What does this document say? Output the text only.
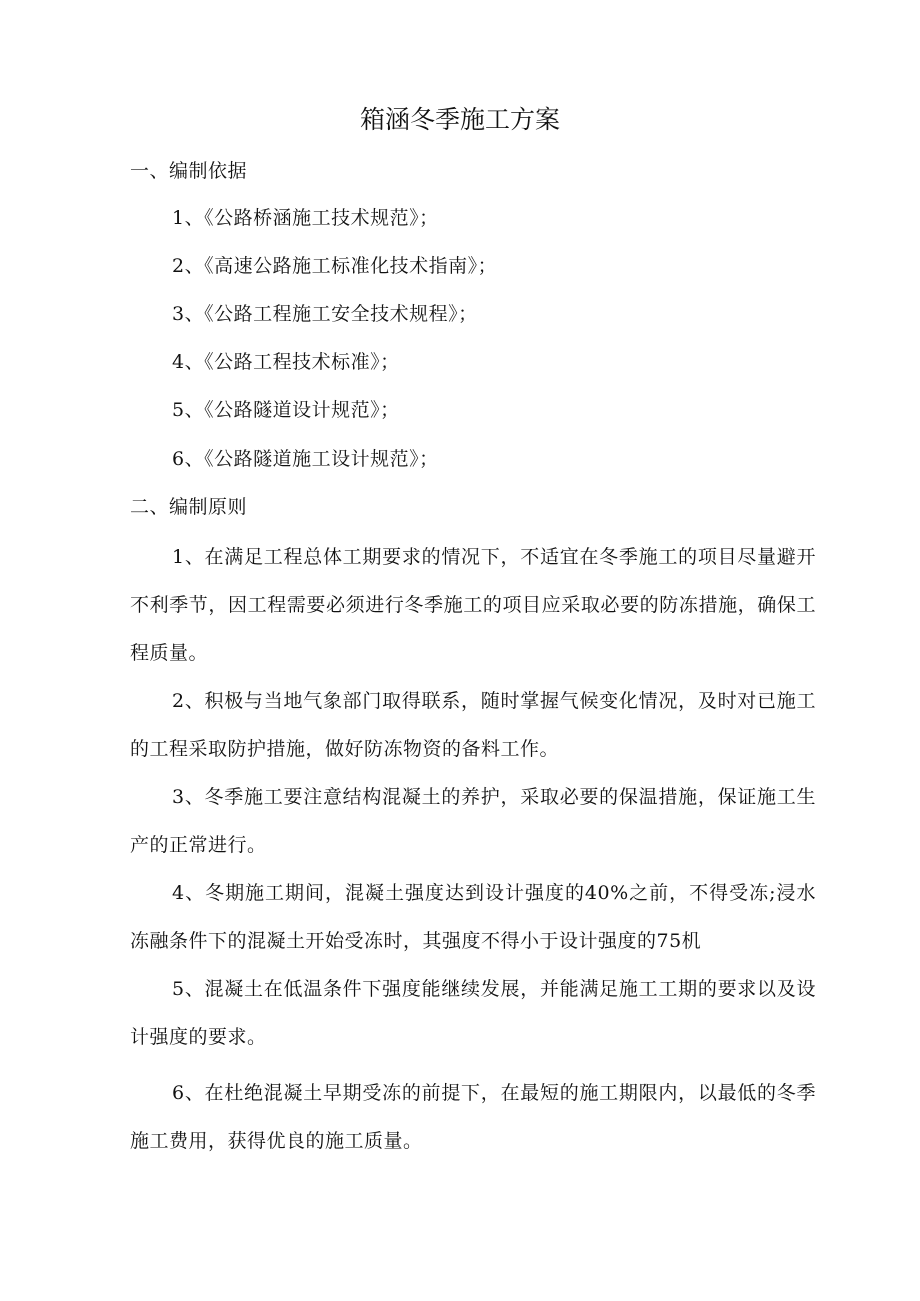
箱涵冬季施工方案
一、编制依据
1、《公路桥涵施工技术规范》；
2、《高速公路施工标准化技术指南》；
3、《公路工程施工安全技术规程》；
4、《公路工程技术标准》；
5、《公路隧道设计规范》；
6、《公路隧道施工设计规范》；
二、编制原则
1、在满足工程总体工期要求的情况下，不适宜在冬季施工的项目尽量避开不利季节，因工程需要必须进行冬季施工的项目应采取必要的防冻措施，确保工程质量。
2、积极与当地气象部门取得联系，随时掌握气候变化情况，及时对已施工的工程采取防护措施，做好防冻物资的备料工作。
3、冬季施工要注意结构混凝土的养护，采取必要的保温措施，保证施工生产的正常进行。
4、冬期施工期间，混凝土强度达到设计强度的40%之前，不得受冻;浸水冻融条件下的混凝土开始受冻时，其强度不得小于设计强度的75机
5、混凝土在低温条件下强度能继续发展，并能满足施工工期的要求以及设计强度的要求。
6、在杜绝混凝土早期受冻的前提下，在最短的施工期限内，以最低的冬季施工费用，获得优良的施工质量。
